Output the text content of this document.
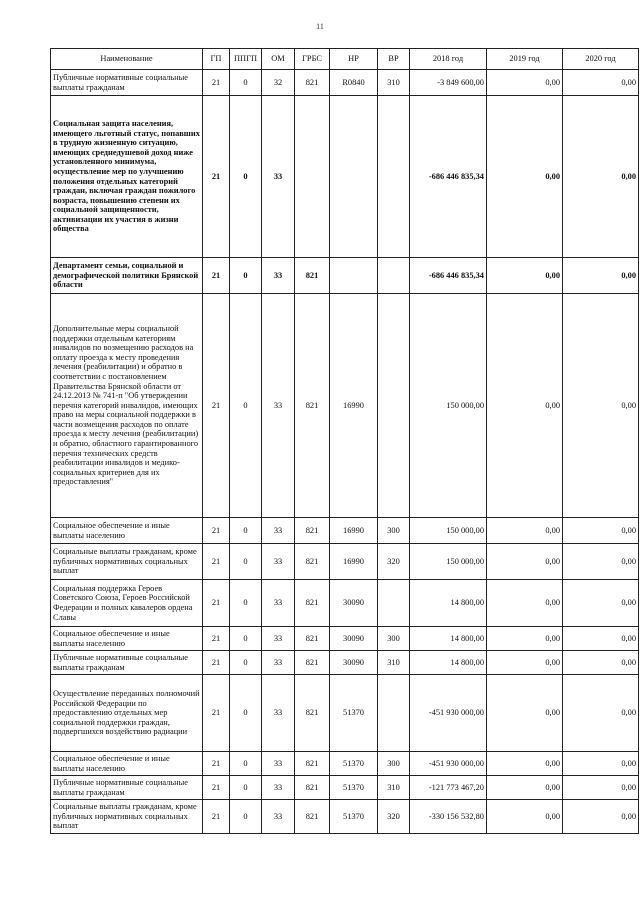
11
Наименование	ГП	ППГП	ОМ	ГРБС	НР	ВР	2018 год	2019 год	2020 год
Публичные нормативные социальные выплаты гражданам	21	0	32	821	R0840	310	-3 849 600,00	0,00	0,00
Социальная защита населения, имеющего льготный статус, попавших в трудную жизненную ситуацию, имеющих среднедушевой доход ниже установленного минимума, осуществление мер по улучшению положения отдельных категорий граждан, включая граждан пожилого возраста, повышению степени их социальной защищенности, активизации их участия в жизни общества	21	0	33				-686 446 835,34	0,00	0,00
Департамент семьи, социальной и демографической политики Брянской области	21	0	33	821			-686 446 835,34	0,00	0,00
Дополнительные меры социальной поддержки отдельным категориям инвалидов по возмещению расходов на оплату проезда к месту проведения лечения (реабилитации) и обратно в соответствии с постановлением Правительства Брянской области от 24.12.2013 № 741-п "Об утверждении перечня категорий инвалидов, имеющих право на меры социальной поддержки в части возмещения расходов по оплате проезда к месту лечения (реабилитации) и обратно, областного гарантированного перечня технических средств реабилитации инвалидов и медико-социальных критериев для их предоставления"	21	0	33	821	16990		150 000,00	0,00	0,00
Социальное обеспечение и иные выплаты населению	21	0	33	821	16990	300	150 000,00	0,00	0,00
Социальные выплаты гражданам, кроме публичных нормативных социальных выплат	21	0	33	821	16990	320	150 000,00	0,00	0,00
Социальная поддержка Героев Советского Союза, Героев Российской Федерации и полных кавалеров ордена Славы	21	0	33	821	30090		14 800,00	0,00	0,00
Социальное обеспечение и иные выплаты населению	21	0	33	821	30090	300	14 800,00	0,00	0,00
Публичные нормативные социальные выплаты гражданам	21	0	33	821	30090	310	14 800,00	0,00	0,00
Осуществление переданных полномочий Российской Федерации по предоставлению отдельных мер социальной поддержки граждан, подвергшихся воздействию радиации	21	0	33	821	51370		-451 930 000,00	0,00	0,00
Социальное обеспечение и иные выплаты населению	21	0	33	821	51370	300	-451 930 000,00	0,00	0,00
Публичные нормативные социальные выплаты гражданам	21	0	33	821	51370	310	-121 773 467,20	0,00	0,00
Социальные выплаты гражданам, кроме публичных нормативных социальных выплат	21	0	33	821	51370	320	-330 156 532,80	0,00	0,00
